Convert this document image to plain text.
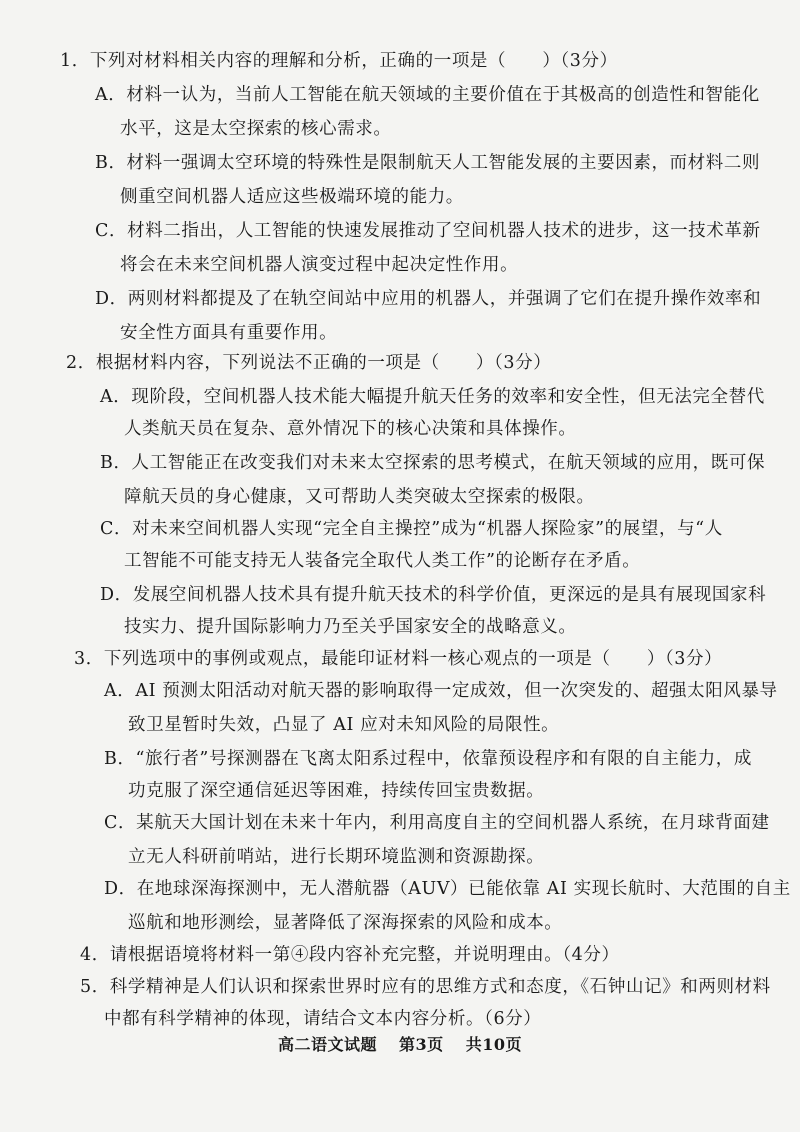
1．下列对材料相关内容的理解和分析，正确的一项是（　　）（3分）
A．材料一认为，当前人工智能在航天领域的主要价值在于其极高的创造性和智能化
水平，这是太空探索的核心需求。
B．材料一强调太空环境的特殊性是限制航天人工智能发展的主要因素，而材料二则
侧重空间机器人适应这些极端环境的能力。
C．材料二指出，人工智能的快速发展推动了空间机器人技术的进步，这一技术革新
将会在未来空间机器人演变过程中起决定性作用。
D．两则材料都提及了在轨空间站中应用的机器人，并强调了它们在提升操作效率和
安全性方面具有重要作用。
2．根据材料内容，下列说法不正确的一项是（　　）（3分）
A．现阶段，空间机器人技术能大幅提升航天任务的效率和安全性，但无法完全替代
人类航天员在复杂、意外情况下的核心决策和具体操作。
B．人工智能正在改变我们对未来太空探索的思考模式，在航天领域的应用，既可保
障航天员的身心健康，又可帮助人类突破太空探索的极限。
C．对未来空间机器人实现“完全自主操控”成为“机器人探险家”的展望，与“人
工智能不可能支持无人装备完全取代人类工作”的论断存在矛盾。
D．发展空间机器人技术具有提升航天技术的科学价值，更深远的是具有展现国家科
技实力、提升国际影响力乃至关乎国家安全的战略意义。
3．下列选项中的事例或观点，最能印证材料一核心观点的一项是（　　）（3分）
A．AI 预测太阳活动对航天器的影响取得一定成效，但一次突发的、超强太阳风暴导
致卫星暂时失效，凸显了 AI 应对未知风险的局限性。
B．“旅行者”号探测器在飞离太阳系过程中，依靠预设程序和有限的自主能力，成
功克服了深空通信延迟等困难，持续传回宝贵数据。
C．某航天大国计划在未来十年内，利用高度自主的空间机器人系统，在月球背面建
立无人科研前哨站，进行长期环境监测和资源勘探。
D．在地球深海探测中，无人潜航器（AUV）已能依靠 AI 实现长航时、大范围的自主
巡航和地形测绘，显著降低了深海探索的风险和成本。
4．请根据语境将材料一第④段内容补充完整，并说明理由。（4分）
5．科学精神是人们认识和探索世界时应有的思维方式和态度，《石钟山记》和两则材料
中都有科学精神的体现，请结合文本内容分析。（6分）
高二语文试题 第3页 共10页
